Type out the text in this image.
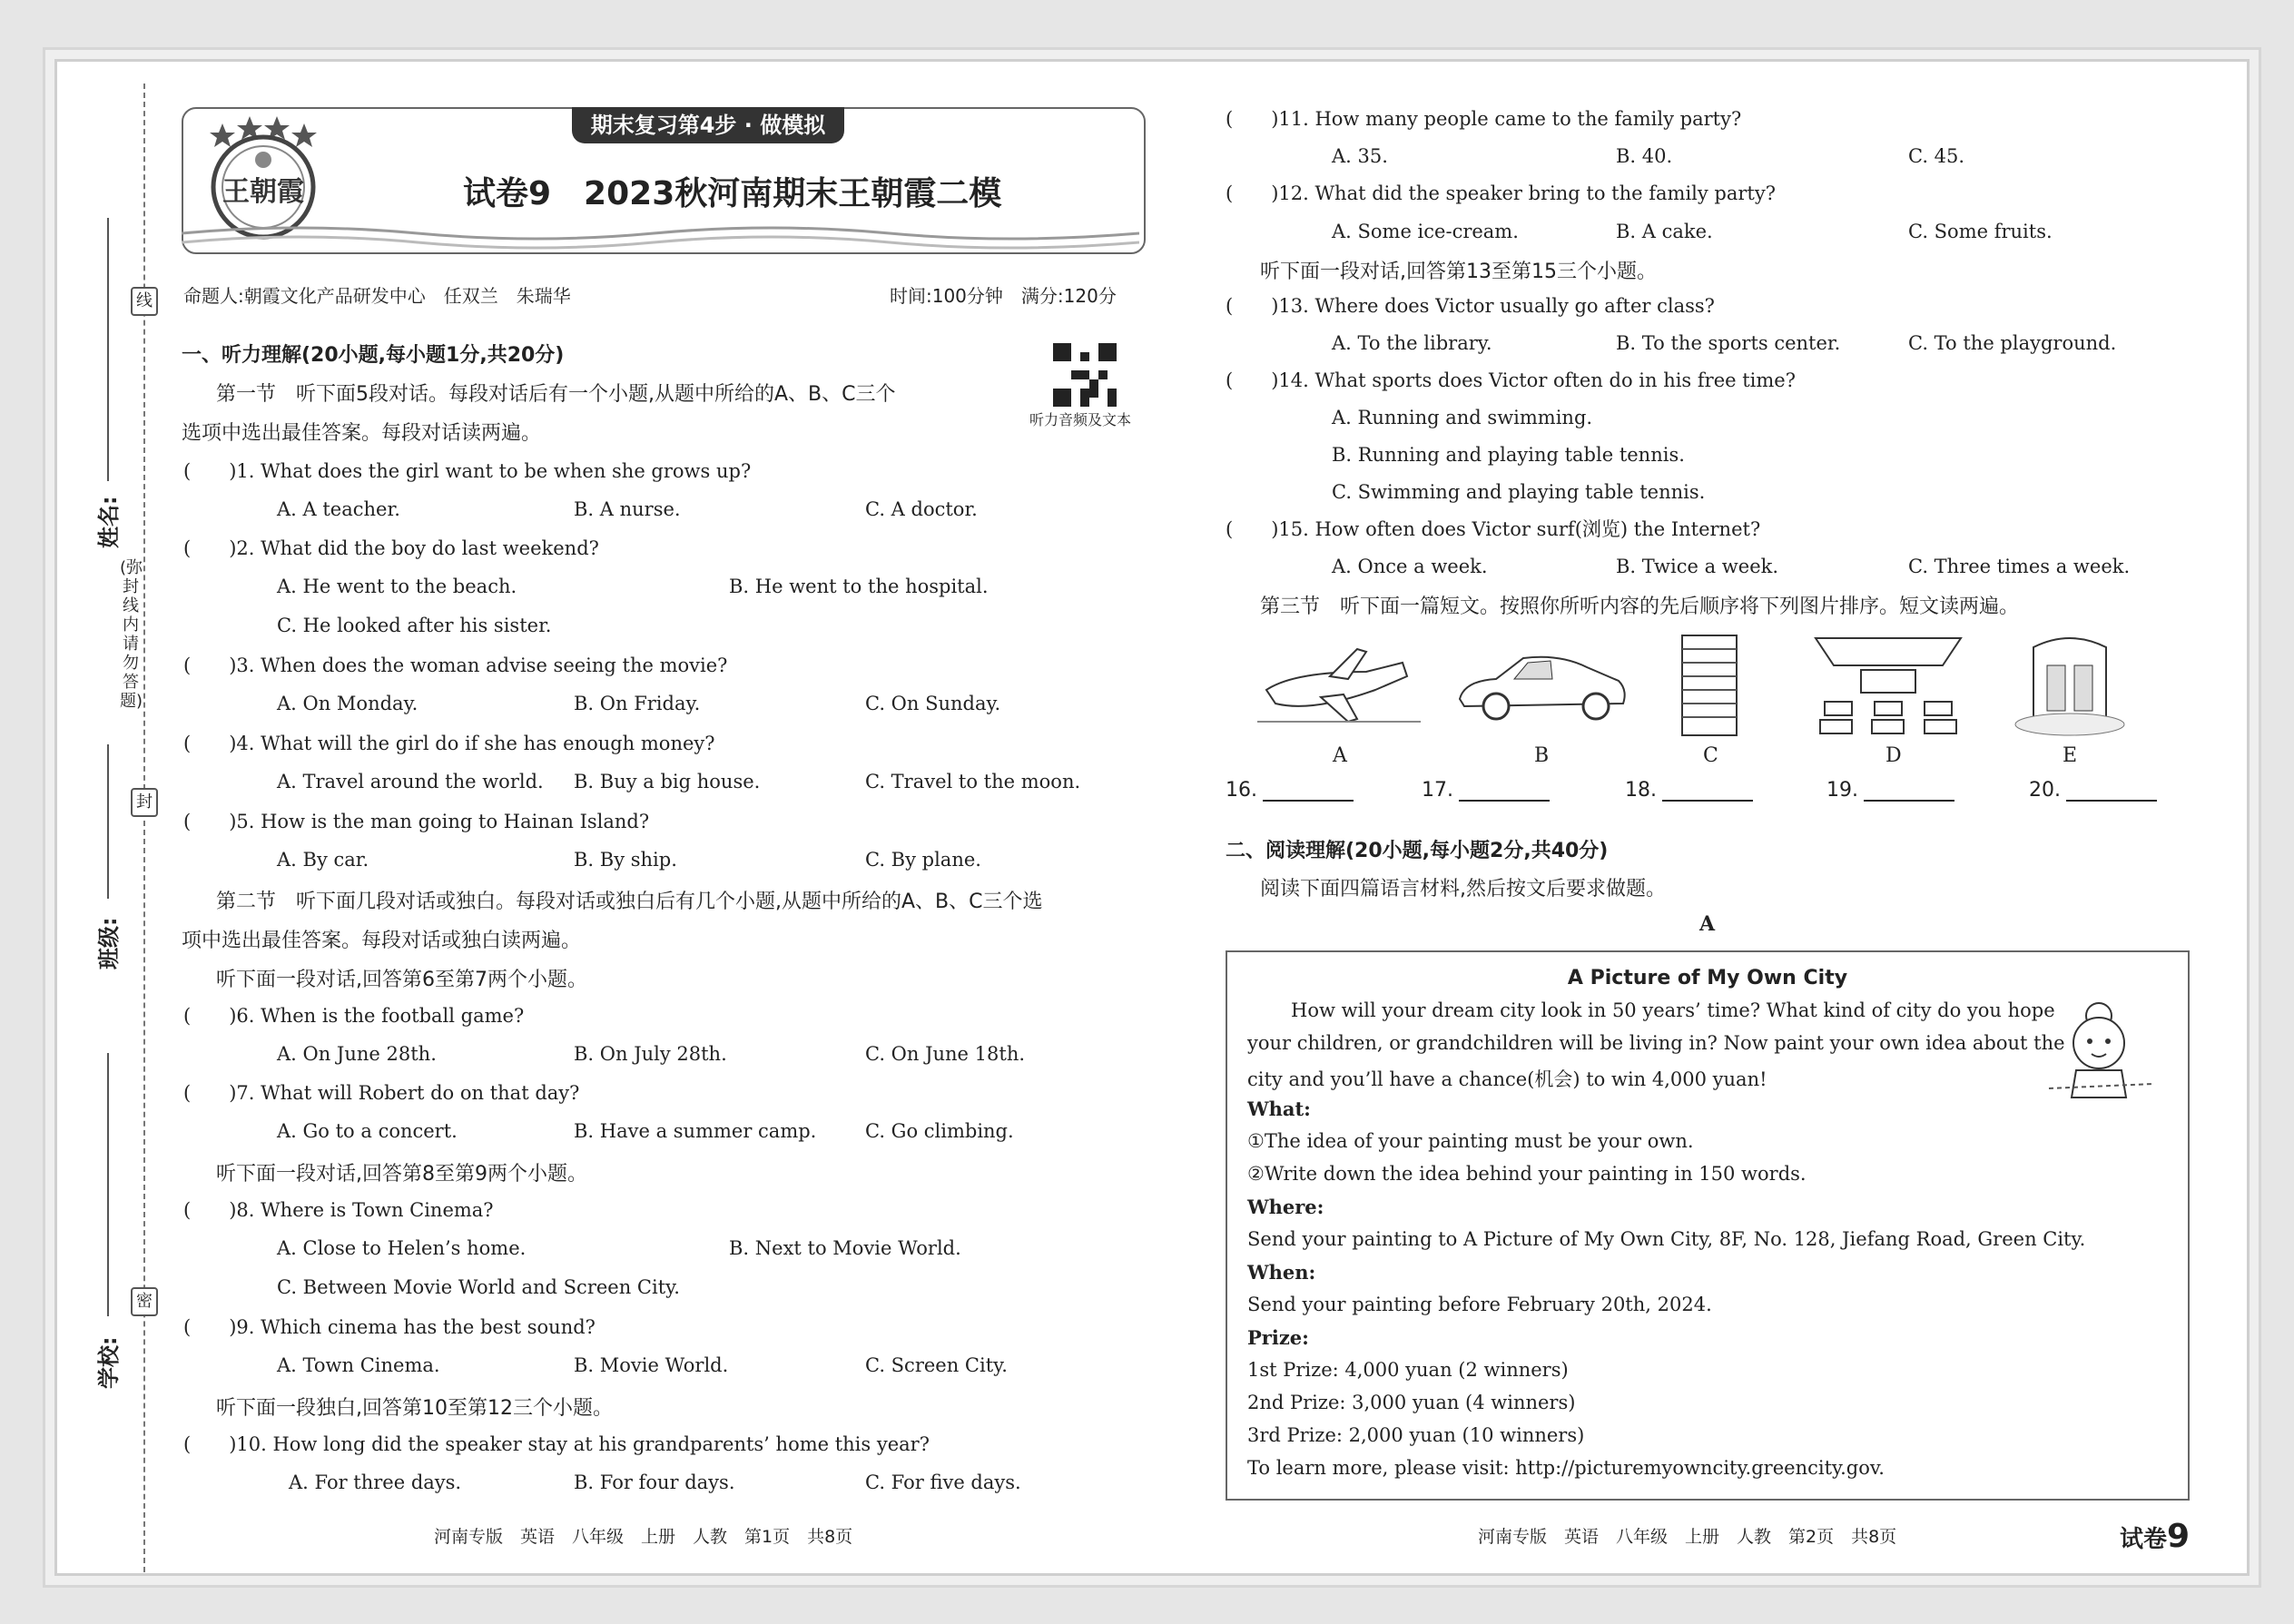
线
封
密
(弥封线内请勿答题)
姓名:
班级:
学校:
王朝霞
期末复习第4步 · 做模拟
试卷9　2023秋河南期末王朝霞二模
命题人:朝霞文化产品研发中心　任双兰　朱瑞华	时间:100分钟　满分:120分
听力音频及文本
一、听力理解(20小题,每小题1分,共20分)
第一节　听下面5段对话。每段对话后有一个小题,从题中所给的A、B、C三个
选项中选出最佳答案。每段对话读两遍。
(　　)1. What does the girl want to be when she grows up?
A. A teacher.	B. A nurse.	C. A doctor.
(　　)2. What did the boy do last weekend?
A. He went to the beach.	B. He went to the hospital.
C. He looked after his sister.
(　　)3. When does the woman advise seeing the movie?
A. On Monday.	B. On Friday.	C. On Sunday.
(　　)4. What will the girl do if she has enough money?
A. Travel around the world. B. Buy a big house.	C. Travel to the moon.
(　　)5. How is the man going to Hainan Island?
A. By car.	B. By ship.	C. By plane.
第二节　听下面几段对话或独白。每段对话或独白后有几个小题,从题中所给的A、B、C三个选
项中选出最佳答案。每段对话或独白读两遍。
听下面一段对话,回答第6至第7两个小题。
(　　)6. When is the football game?
A. On June 28th.	B. On July 28th.	C. On June 18th.
(　　)7. What will Robert do on that day?
A. Go to a concert.	B. Have a summer camp.	C. Go climbing.
听下面一段对话,回答第8至第9两个小题。
(　　)8. Where is Town Cinema?
A. Close to Helen’s home.	B. Next to Movie World.
C. Between Movie World and Screen City.
(　　)9. Which cinema has the best sound?
A. Town Cinema.	B. Movie World.	C. Screen City.
听下面一段独白,回答第10至第12三个小题。
(　　)10. How long did the speaker stay at his grandparents’ home this year?
A. For three days.	B. For four days.	C. For five days.
(　　)11. How many people came to the family party?
A. 35.	B. 40.	C. 45.
(　　)12. What did the speaker bring to the family party?
A. Some ice-cream.	B. A cake.	C. Some fruits.
听下面一段对话,回答第13至第15三个小题。
(　　)13. Where does Victor usually go after class?
A. To the library.	B. To the sports center.	C. To the playground.
(　　)14. What sports does Victor often do in his free time?
A. Running and swimming.
B. Running and playing table tennis.
C. Swimming and playing table tennis.
(　　)15. How often does Victor surf(浏览) the Internet?
A. Once a week.	B. Twice a week.	C. Three times a week.
第三节　听下面一篇短文。按照你所听内容的先后顺序将下列图片排序。短文读两遍。
A	B	C	D	E
16.	17.	18.	19.	20.
二、阅读理解(20小题,每小题2分,共40分)
阅读下面四篇语言材料,然后按文后要求做题。
A
A Picture of My Own City
How will your dream city look in 50 years’ time? What kind of city do you hope
your children, or grandchildren will be living in? Now paint your own idea about the
city and you’ll have a chance(机会) to win 4,000 yuan!
What:
①The idea of your painting must be your own.
②Write down the idea behind your painting in 150 words.
Where:
Send your painting to A Picture of My Own City, 8F, No. 128, Jiefang Road, Green City.
When:
Send your painting before February 20th, 2024.
Prize:
1st Prize: 4,000 yuan (2 winners)
2nd Prize: 3,000 yuan (4 winners)
3rd Prize: 2,000 yuan (10 winners)
To learn more, please visit: http://picturemyowncity.greencity.gov.
河南专版　英语　八年级　上册　人教　第1页　共8页	河南专版　英语　八年级　上册　人教　第2页　共8页	试卷9
